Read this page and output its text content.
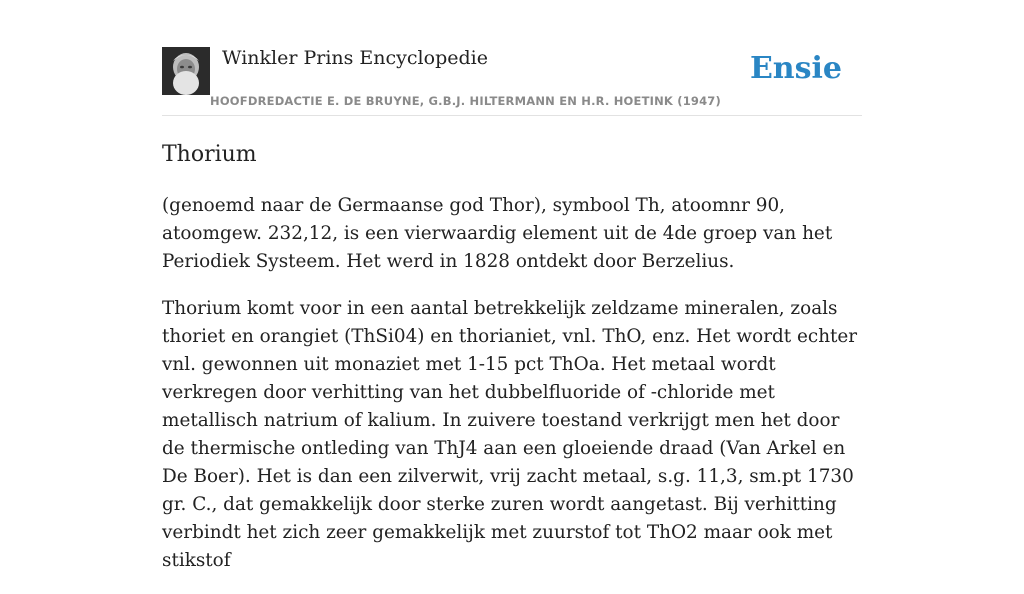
Winkler Prins Encyclopedie
HOOFDREDACTIE E. DE BRUYNE, G.B.J. HILTERMANN EN H.R. HOETINK (1947)
Ensie
Thorium

(genoemd naar de Germaanse god Thor), symbool Th, atoomnr 90, atoomgew. 232,12, is een vierwaardig element uit de 4de groep van het Periodiek Systeem. Het werd in 1828 ontdekt door Berzelius.

Thorium komt voor in een aantal betrekkelijk zeldzame mineralen, zoals thoriet en orangiet (ThSi04) en thorianiet, vnl. ThO, enz. Het wordt echter vnl. gewonnen uit monaziet met 1-15 pct ThOa. Het metaal wordt verkregen door verhitting van het dubbelfluoride of -chloride met metallisch natrium of kalium. In zuivere toestand verkrijgt men het door de thermische ontleding van ThJ4 aan een gloeiende draad (Van Arkel en De Boer). Het is dan een zilverwit, vrij zacht metaal, s.g. 11,3, sm.pt 1730 gr. C., dat gemakkelijk door sterke zuren wordt aangetast. Bij verhitting verbindt het zich zeer gemakkelijk met zuurstof tot ThO2 maar ook met stikstof
